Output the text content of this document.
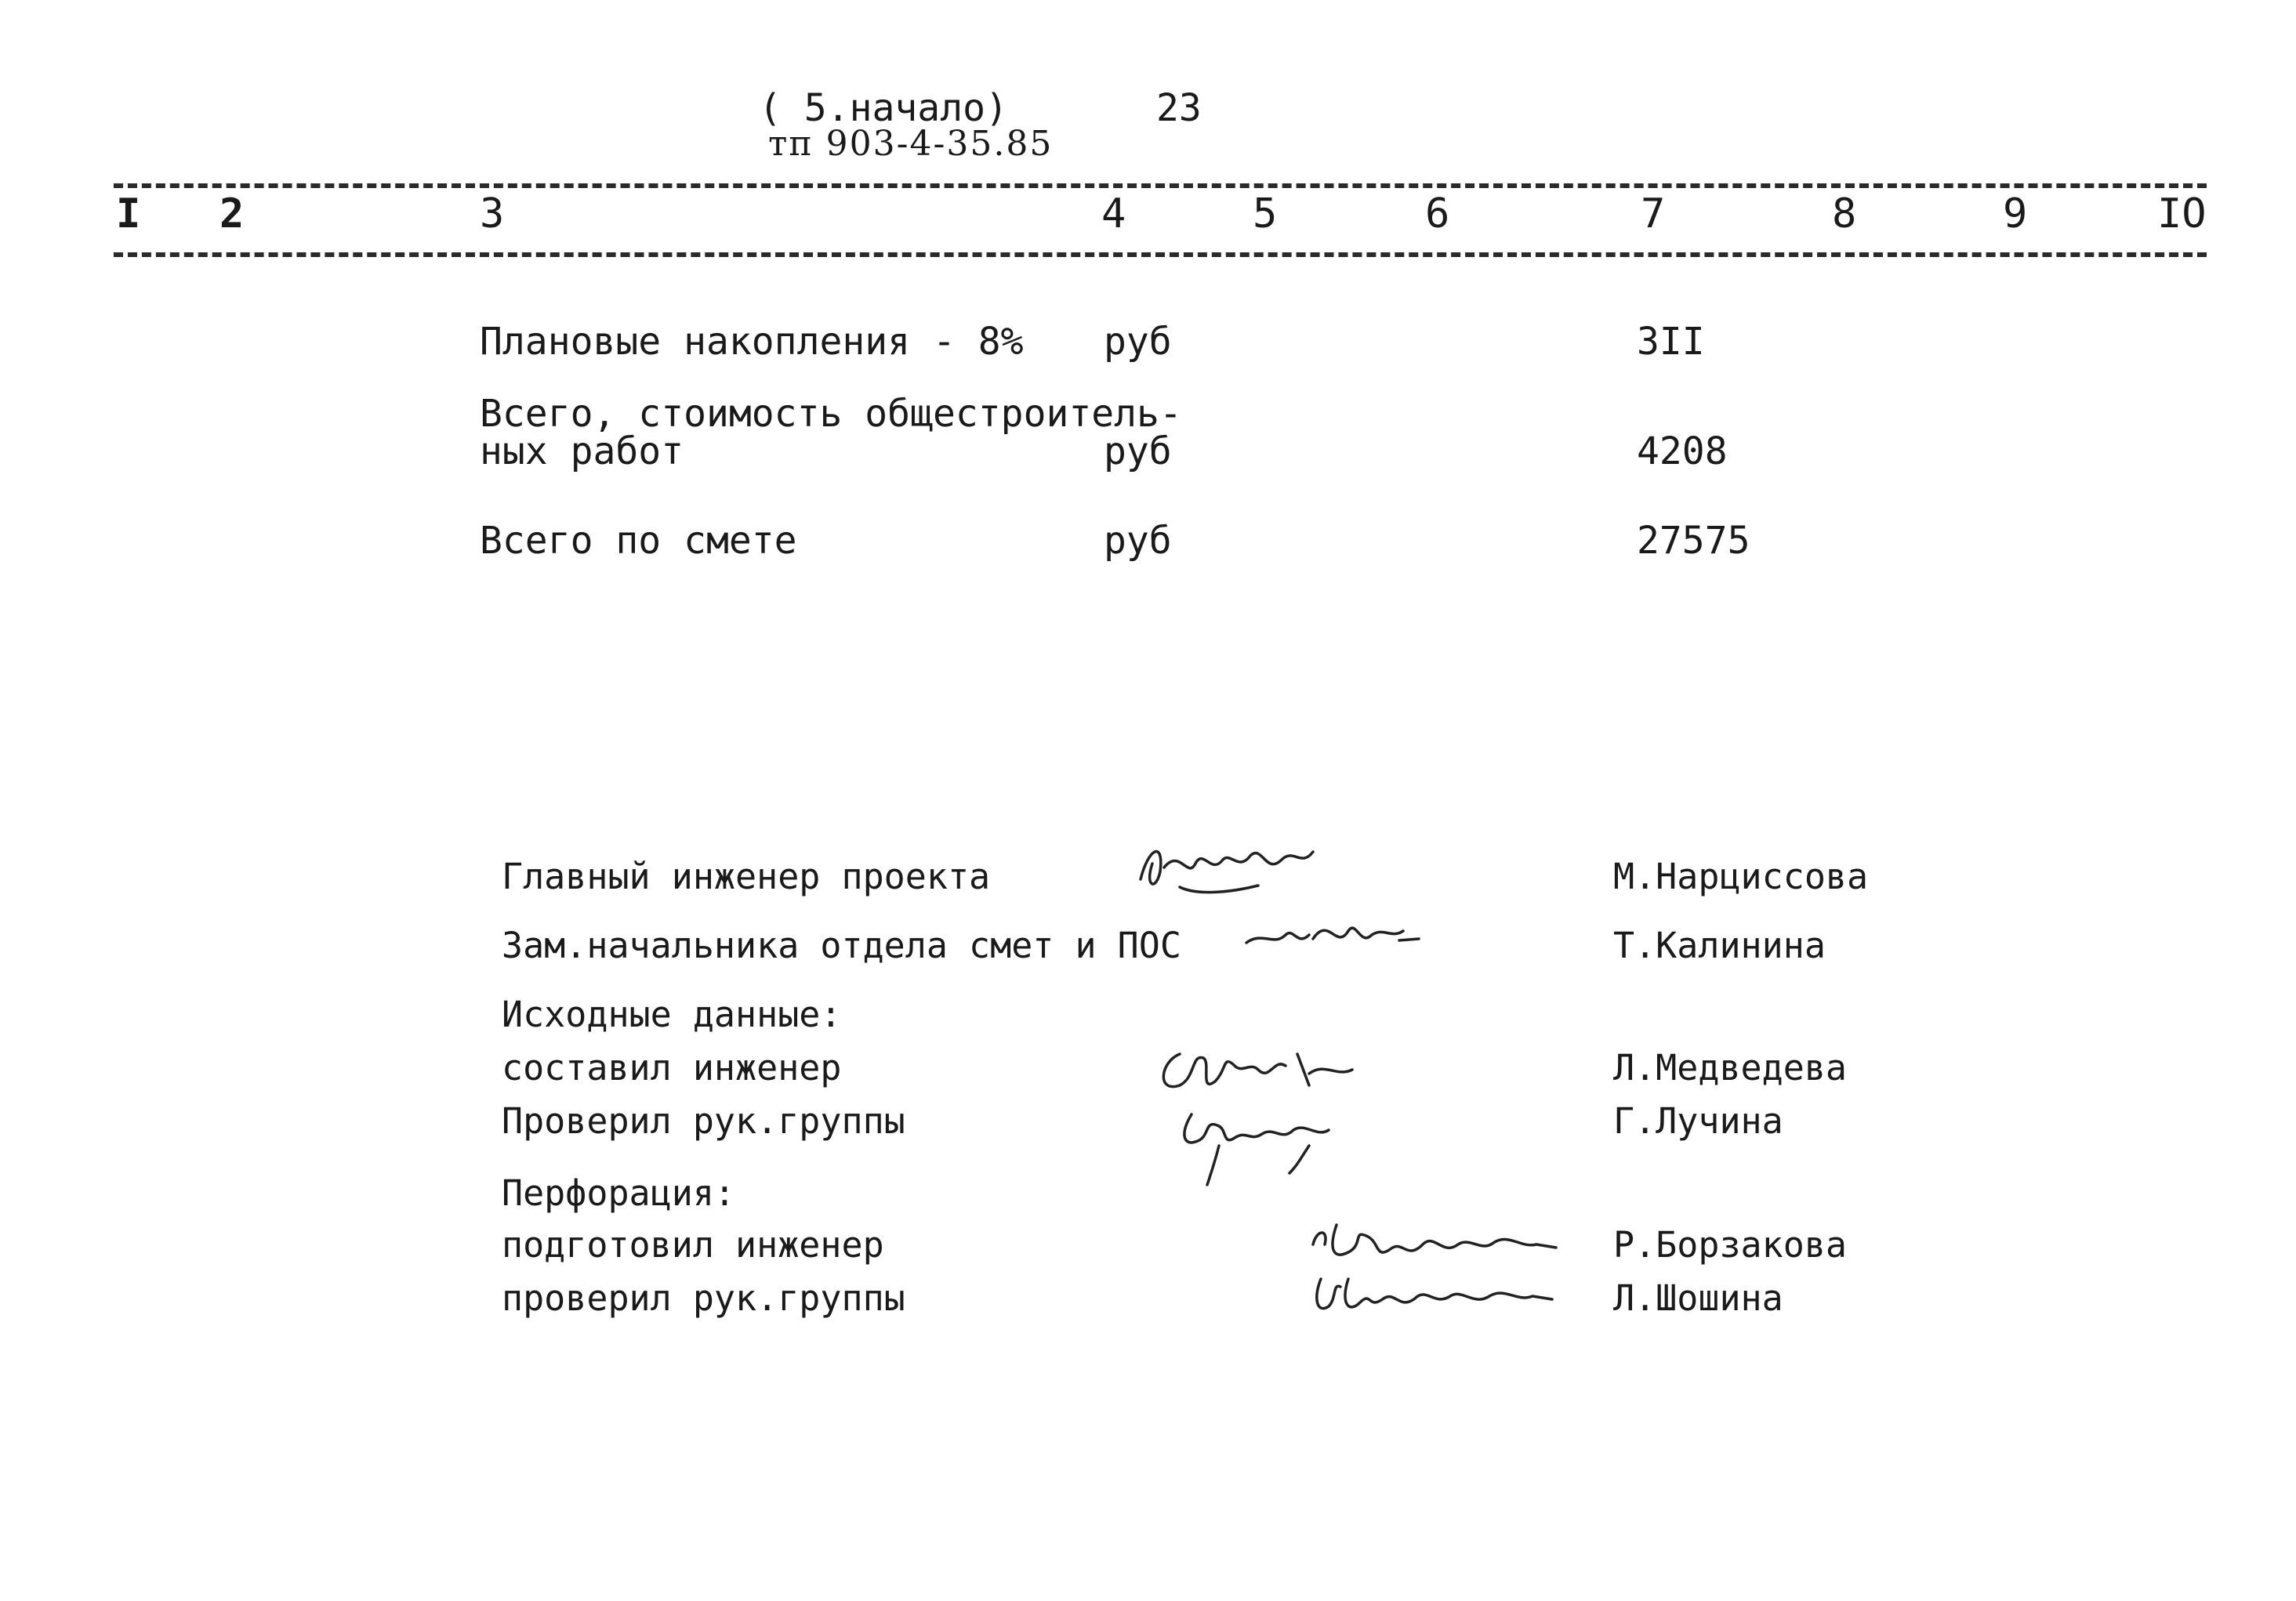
( 5.начало)	23
тп 903-4-35.85
I 2	3	4	5	6	7	8	9	IO
Плановые накопления - 8% руб	3II
Всего, стоимость общестроитель-
ных работ	руб	4208
Всего по смете	руб	27575
Главный инженер проекта	М.Нарциссова
Зам.начальника отдела смет и ПОС	Т.Калинина
Исходные данные:
составил инженер	Л.Медведева
Проверил рук.группы	Г.Лучина
Перфорация:
подготовил инженер	Р.Борзакова
проверил рук.группы	Л.Шошина
